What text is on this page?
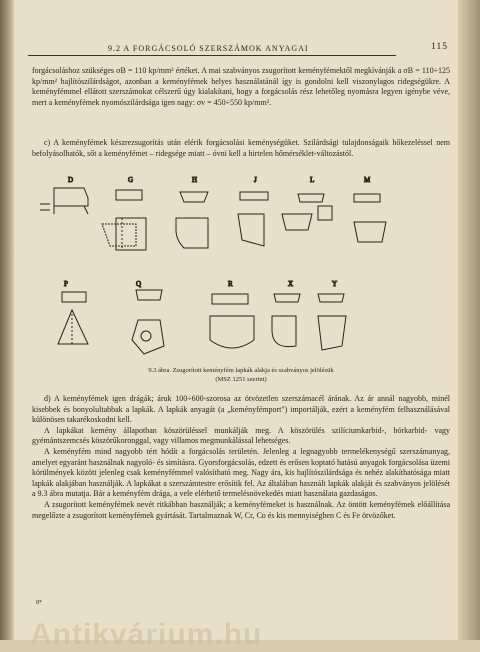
9.2 A FORGÁCSOLÓ SZERSZÁMOK ANYAGAI	115

forgácsoláshoz szükséges σB = 110 kp/mm² értéket. A mai szabványos zsugorított keményfémektől megkívánják a σB = 110÷125 kp/mm² hajlítószilárdságot, azonban a keményfémek helyes használatánál így is gondolni kell viszonylagos ridegségükre. A keményfémmel ellátott szerszámokat célszerű úgy kialakítani, hogy a forgácsolás rész lehetőleg nyomásra legyen igénybe véve, mert a keményfémek nyomószilárdsága igen nagy: σv = 450÷550 kp/mm².

c) A keményfémek készrezsugorítás után elérik forgácsolási keménységüket. Szilárdsági tulajdonságaik hőkezeléssel nem befolyásolhatók, sőt a keményfémet – ridegsége miatt – óvni kell a hirtelen hőmérséklet-változástól.

D	G	H	J	L	M
P	Q	R	X	Y
9.3 ábra. Zsugorított keményfém lapkák alakja és szabványos jelölésük
(MSZ 1251 szerint)

d) A keményfémek igen drágák; áruk 100÷600-szorosa az ötvözetlen szerszámacél árának. Az ár annál nagyobb, minél kisebbek és bonyolultabbak a lapkák. A lapkák anyagát (a „keményfémport") importálják, ezért a keményfém felhasználásával különösen takarékoskodni kell.

A lapkákat kemény állapotban köszörüléssel munkálják meg. A köszörülés szilíciumkarbid-, bórkarbid- vagy gyémántszemcsés köszörűkoronggal, vagy villamos megmunkálással lehetséges.

A keményfém mind nagyobb tért hódít a forgácsolás területén. Jelenleg a legnagyobb termelékenységű szerszámanyag, amelyet egyaránt használnak nagyoló- és simításra. Gyorsforgácsolás, edzett és erősen koptató hatású anyagok forgácsolása üzemi körülmények között jelenleg csak keményfémmel valósítható meg. Nagy ára, kis hajlítószilárdsága és nehéz alakíthatósága miatt lapkák alakjában használják. A lapkákat a szerszámtestre erősítik fel. Az általában használt lapkák alakját és szabványos jelölését a 9.3 ábra mutatja. Bár a keményfém drága, a vele elérhető termelésnövekedés miatt használata gazdaságos.

A zsugorított keményfémek nevét ritkábban használják; a keményfémeket is használnak. Az öntött keményfémek előállítása megelőzte a zsugorított keményfémek gyártását. Tartalmaznak W, Cr, Co és kis mennyiségben C és Fe ötvözőket.

8*
Antikvárium.hu
